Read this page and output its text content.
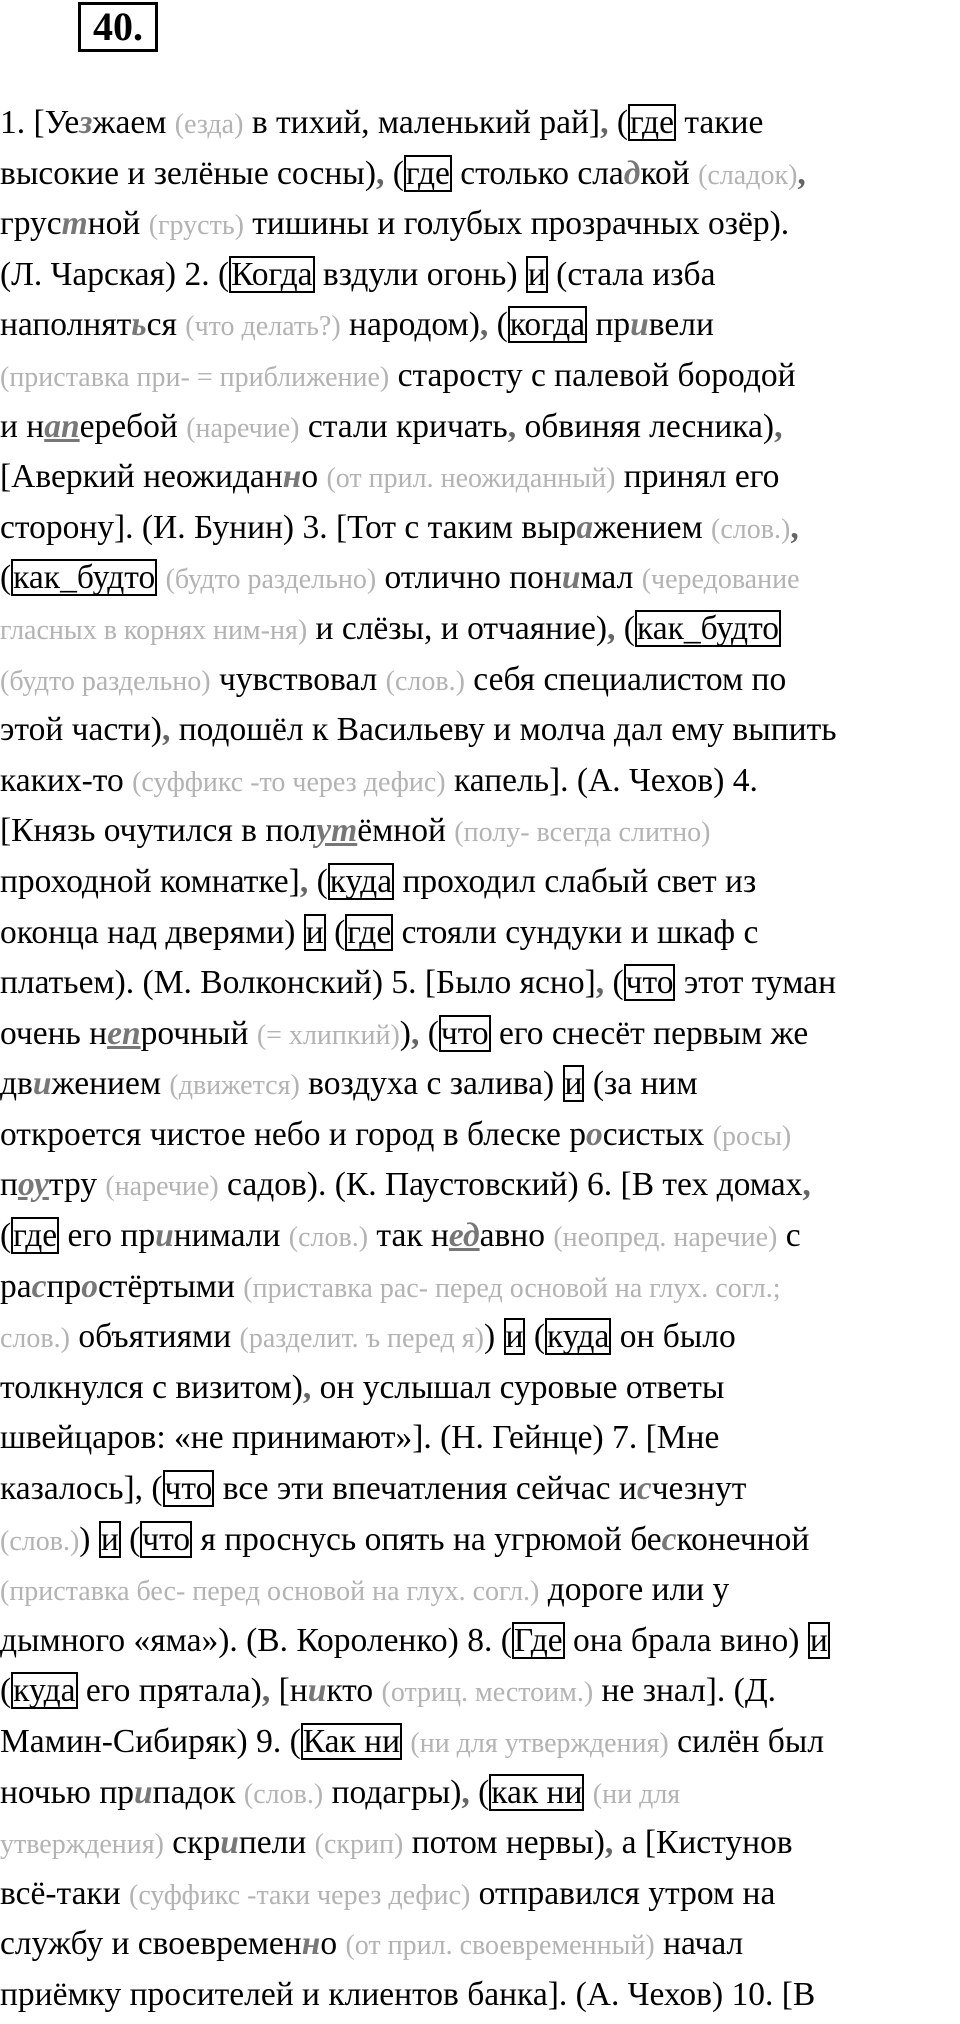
40.
1. [Уезжаем (езда) в тихий, маленький рай], (где такие
высокие и зелёные сосны), (где столько сладкой (сладок),
грустной (грусть) тишины и голубых прозрачных озёр).
(Л. Чарская) 2. (Когда вздули огонь) и (стала изба
наполняться (что делать?) народом), (когда привели
(приставка при- = приближение) старосту с палевой бородой
и наперебой (наречие) стали кричать, обвиняя лесника),
[Аверкий неожиданно (от прил. неожиданный) принял его
сторону]. (И. Бунин) 3. [Тот с таким выражением (слов.),
(как_будто (будто раздельно) отлично понимал (чередование
гласных в корнях ним-ня) и слёзы, и отчаяние), (как_будто
(будто раздельно) чувствовал (слов.) себя специалистом по
этой части), подошёл к Васильеву и молча дал ему выпить
каких-то (суффикс -то через дефис) капель]. (А. Чехов) 4.
[Князь очутился в полутёмной (полу- всегда слитно)
проходной комнатке], (куда проходил слабый свет из
оконца над дверями) и (где стояли сундуки и шкаф с
платьем). (М. Волконский) 5. [Было ясно], (что этот туман
очень непрочный (= хлипкий)), (что его снесёт первым же
движением (движется) воздуха с залива) и (за ним
откроется чистое небо и город в блеске росистых (росы)
поутру (наречие) садов). (К. Паустовский) 6. [В тех домах,
(где его принимали (слов.) так недавно (неопред. наречие) с
распростёртыми (приставка рас- перед основой на глух. согл.;
слов.) объятиями (разделит. ъ перед я)) и (куда он было
толкнулся с визитом), он услышал суровые ответы
швейцаров: «не принимают»]. (Н. Гейнце) 7. [Мне
казалось], (что все эти впечатления сейчас исчезнут
(слов.)) и (что я проснусь опять на угрюмой бесконечной
(приставка бес- перед основой на глух. согл.) дороге или у
дымного «яма»). (В. Короленко) 8. (Где она брала вино) и
(куда его прятала), [никто (отриц. местоим.) не знал]. (Д.
Мамин-Сибиряк) 9. (Как ни (ни для утверждения) силён был
ночью припадок (слов.) подагры), (как ни (ни для
утверждения) скрипели (скрип) потом нервы), а [Кистунов
всё-таки (суффикс -таки через дефис) отправился утром на
службу и своевременно (от прил. своевременный) начал
приёмку просителей и клиентов банка]. (А. Чехов) 10. [В
